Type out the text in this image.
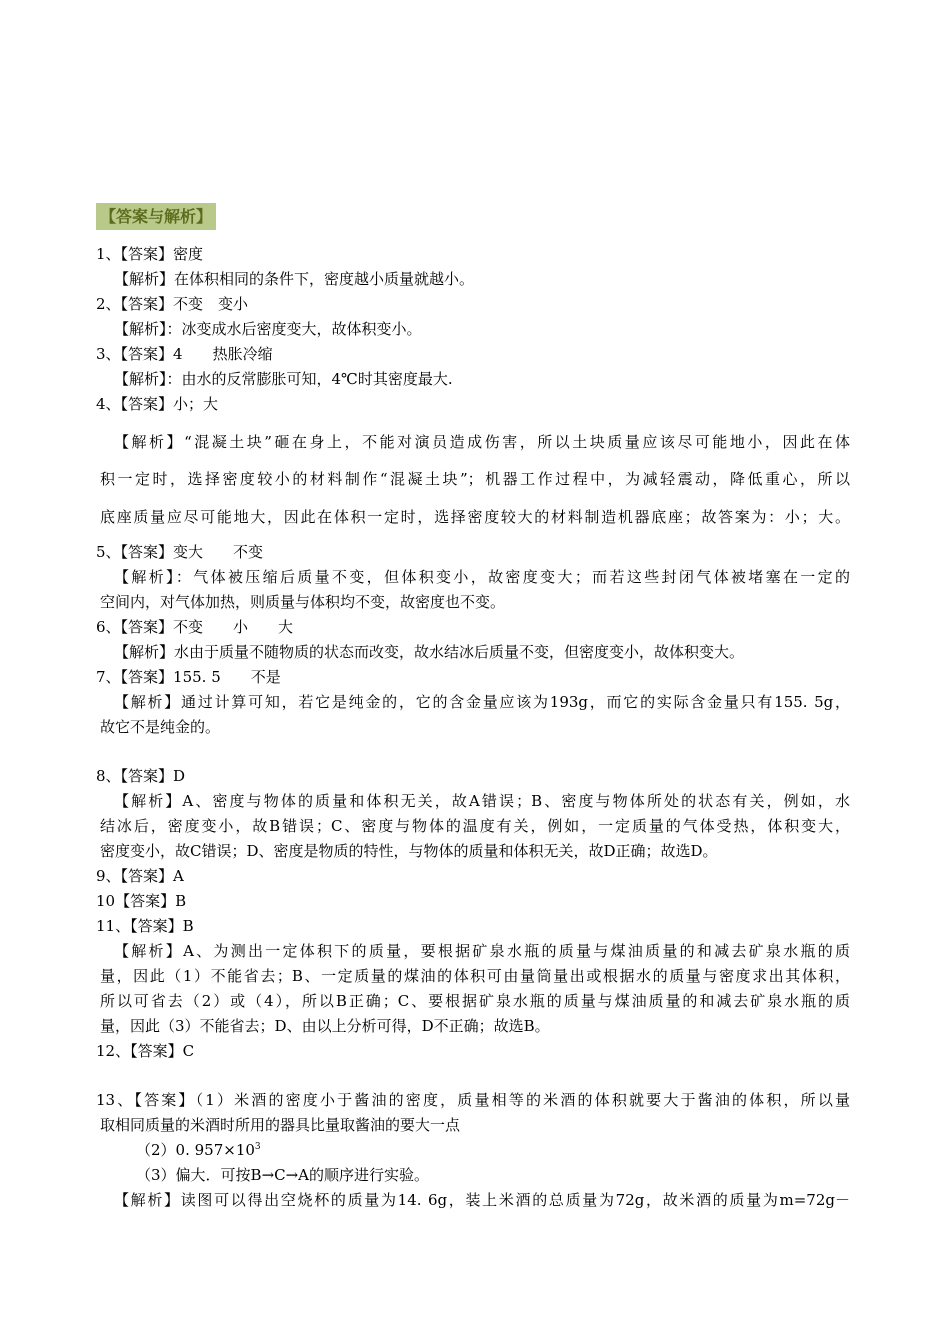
【答案与解析】
1、【答案】密度
【解析】在体积相同的条件下，密度越小质量就越小。
2、【答案】不变　变小
【解析】：冰变成水后密度变大，故体积变小。
3、【答案】4　　热胀冷缩
【解析】：由水的反常膨胀可知，4℃时其密度最大.
4、【答案】小；大
【解析】“混凝土块”砸在身上，不能对演员造成伤害，所以土块质量应该尽可能地小，因此在体
积一定时，选择密度较小的材料制作“混凝土块”；机器工作过程中，为减轻震动，降低重心，所以
底座质量应尽可能地大，因此在体积一定时，选择密度较大的材料制造机器底座；故答案为：小；大。
5、【答案】变大　　不变
【解析】：气体被压缩后质量不变，但体积变小，故密度变大；而若这些封闭气体被堵塞在一定的
空间内，对气体加热，则质量与体积均不变，故密度也不变。
6、【答案】不变　　小　　大
【解析】水由于质量不随物质的状态而改变，故水结冰后质量不变，但密度变小，故体积变大。
7、【答案】155. 5　　不是
【解析】通过计算可知，若它是纯金的，它的含金量应该为193g，而它的实际含金量只有155. 5g，
故它不是纯金的。
8、【答案】D
【解析】A、密度与物体的质量和体积无关，故A错误；B、密度与物体所处的状态有关，例如，水
结冰后，密度变小，故B错误；C、密度与物体的温度有关，例如，一定质量的气体受热，体积变大，
密度变小，故C错误；D、密度是物质的特性，与物体的质量和体积无关，故D正确；故选D。
9、【答案】A
10【答案】B
11、【答案】B
【解析】A、为测出一定体积下的质量，要根据矿泉水瓶的质量与煤油质量的和减去矿泉水瓶的质
量，因此（1）不能省去；B、一定质量的煤油的体积可由量筒量出或根据水的质量与密度求出其体积，
所以可省去（2）或（4），所以B正确；C、要根据矿泉水瓶的质量与煤油质量的和减去矿泉水瓶的质
量，因此（3）不能省去；D、由以上分析可得，D不正确；故选B。
12、【答案】C
13、【答案】（1）米酒的密度小于酱油的密度，质量相等的米酒的体积就要大于酱油的体积，所以量
取相同质量的米酒时所用的器具比量取酱油的要大一点
（2）0. $957\times 10^3$
（3）偏大．可按B→C→A的顺序进行实验。
【解析】读图可以得出空烧杯的质量为14. 6g，装上米酒的总质量为72g，故米酒的质量为m=72g－
